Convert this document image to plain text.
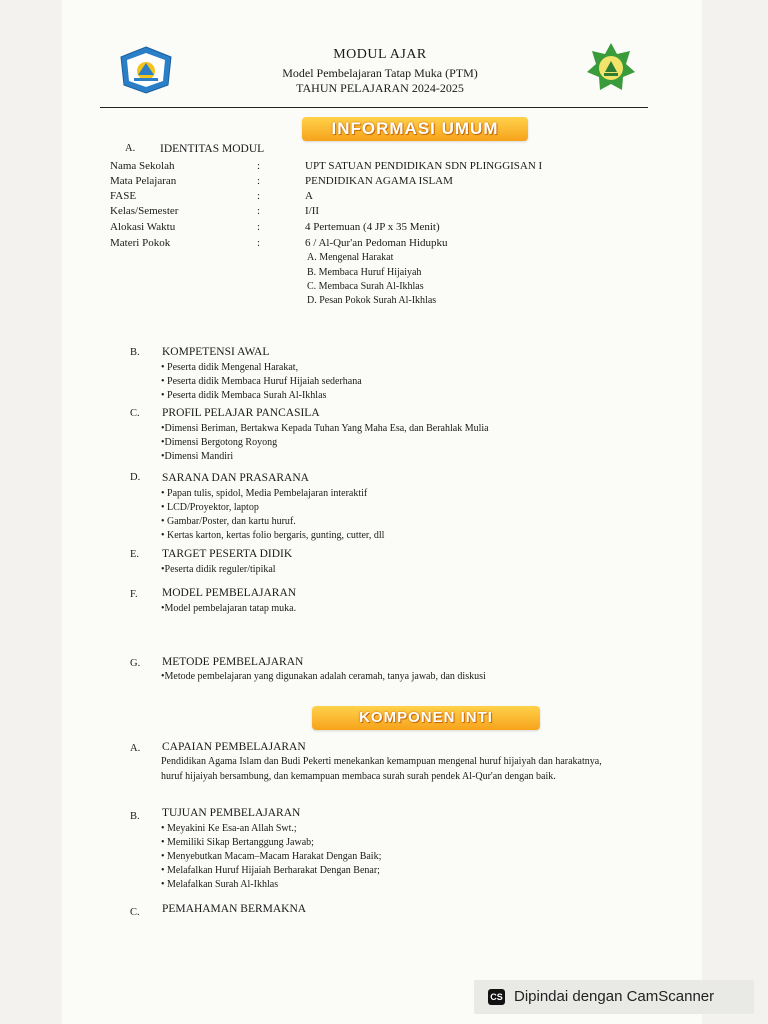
MODUL AJAR
Model Pembelajaran Tatap Muka (PTM)
TAHUN PELAJARAN 2024-2025
INFORMASI UMUM
A. IDENTITAS MODUL
Nama Sekolah	:	UPT SATUAN PENDIDIKAN SDN PLINGGISAN I
Mata Pelajaran	:	PENDIDIKAN AGAMA ISLAM
FASE	:	A
Kelas/Semester	:	I/II
Alokasi Waktu	:	4 Pertemuan (4 JP x 35 Menit)
Materi Pokok	:	6 / Al-Qur'an Pedoman Hidupku
A. Mengenal Harakat
B. Membaca Huruf Hijaiyah
C. Membaca Surah Al-Ikhlas
D. Pesan Pokok Surah Al-Ikhlas
B. KOMPETENSI AWAL
• Peserta didik Mengenal Harakat,
• Peserta didik Membaca Huruf Hijaiah sederhana
• Peserta didik Membaca Surah Al-Ikhlas
C. PROFIL PELAJAR PANCASILA
•Dimensi Beriman, Bertakwa Kepada Tuhan Yang Maha Esa, dan Berahlak Mulia
•Dimensi Bergotong Royong
•Dimensi Mandiri
D. SARANA DAN PRASARANA
• Papan tulis, spidol, Media Pembelajaran interaktif
• LCD/Proyektor, laptop
• Gambar/Poster, dan kartu huruf.
• Kertas karton, kertas folio bergaris, gunting, cutter, dll
E. TARGET PESERTA DIDIK
•Peserta didik reguler/tipikal
F. MODEL PEMBELAJARAN
•Model pembelajaran tatap muka.
G. METODE PEMBELAJARAN
•Metode pembelajaran yang digunakan adalah ceramah, tanya jawab, dan diskusi
KOMPONEN INTI
A. CAPAIAN PEMBELAJARAN
Pendidikan Agama Islam dan Budi Pekerti menekankan kemampuan mengenal huruf hijaiyah dan harakatnya,
huruf hijaiyah bersambung, dan kemampuan membaca surah surah pendek Al-Qur'an dengan baik.
B. TUJUAN PEMBELAJARAN
• Meyakini Ke Esa-an Allah Swt.;
• Memiliki Sikap Bertanggung Jawab;
• Menyebutkan Macam–Macam Harakat Dengan Baik;
• Melafalkan Huruf Hijaiah Berharakat Dengan Benar;
• Melafalkan Surah Al-Ikhlas
C. PEMAHAMAN BERMAKNA
CS Dipindai dengan CamScanner
